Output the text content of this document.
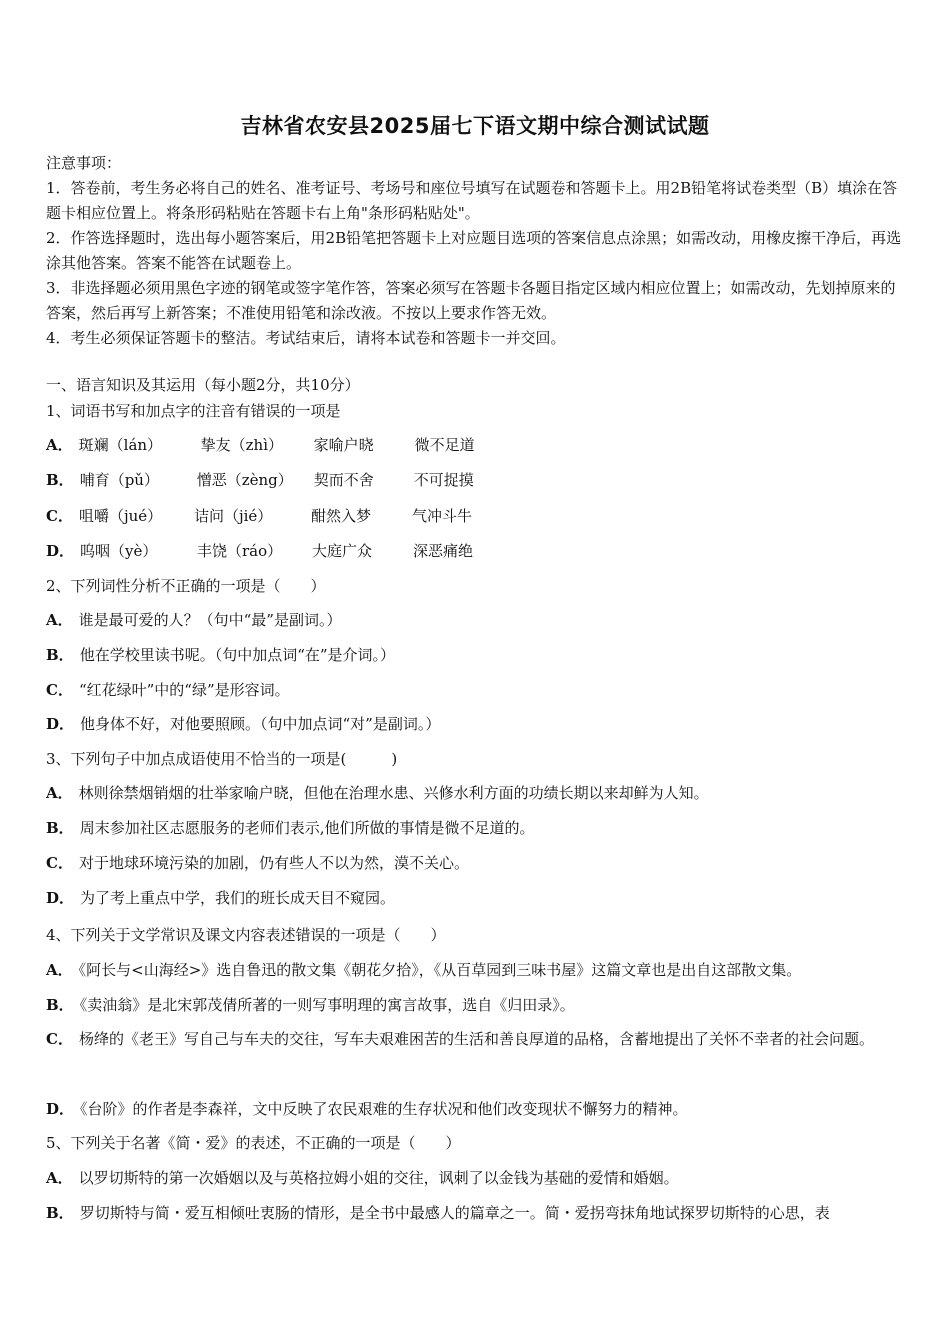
吉林省农安县2025届七下语文期中综合测试试题
注意事项：
1．答卷前，考生务必将自己的姓名、准考证号、考场号和座位号填写在试题卷和答题卡上。用2B铅笔将试卷类型（B）填涂在答题卡相应位置上。将条形码粘贴在答题卡右上角"条形码粘贴处"。
2．作答选择题时，选出每小题答案后，用2B铅笔把答题卡上对应题目选项的答案信息点涂黑；如需改动，用橡皮擦干净后，再选涂其他答案。答案不能答在试题卷上。
3．非选择题必须用黑色字迹的钢笔或签字笔作答，答案必须写在答题卡各题目指定区域内相应位置上；如需改动，先划掉原来的答案，然后再写上新答案；不准使用铅笔和涂改液。不按以上要求作答无效。
4．考生必须保证答题卡的整洁。考试结束后，请将本试卷和答题卡一并交回。
一、语言知识及其运用（每小题2分，共10分）
1、词语书写和加点字的注音有错误的一项是
A． 斑斓（lán）	挚友（zhì） 家喻户晓	微不足道
B． 哺育（pǔ）	憎恶（zèng） 契而不舍	不可捉摸
C． 咀嚼（jué） 诘问（jié）	酣然入梦	气冲斗牛
D． 呜咽（yè）	丰饶（ráo） 大庭广众	深恶痛绝
2、下列词性分析不正确的一项是（　　）
A． 谁是最可爱的人？（句中“最”是副词。）
B． 他在学校里读书呢。（句中加点词“在”是介词。）
C． “红花绿叶”中的“绿”是形容词。
D． 他身体不好，对他要照顾。（句中加点词“对”是副词。）
3、下列句子中加点成语使用不恰当的一项是(　　　)
A． 林则徐禁烟销烟的壮举家喻户晓，但他在治理水患、兴修水利方面的功绩长期以来却鲜为人知。
B． 周末参加社区志愿服务的老师们表示,他们所做的事情是微不足道的。
C． 对于地球环境污染的加剧，仍有些人不以为然，漠不关心。
D． 为了考上重点中学，我们的班长成天目不窥园。
4、下列关于文学常识及课文内容表述错误的一项是（　　）
A． 《阿长与<山海经>》选自鲁迅的散文集《朝花夕拾》，《从百草园到三味书屋》这篇文章也是出自这部散文集。
B． 《卖油翁》是北宋郭茂倩所著的一则写事明理的寓言故事，选自《归田录》。
C． 杨绛的《老王》写自己与车夫的交往，写车夫艰难困苦的生活和善良厚道的品格，含蓄地提出了关怀不幸者的社会问题。
D． 《台阶》的作者是李森祥，文中反映了农民艰难的生存状况和他们改变现状不懈努力的精神。
5、下列关于名著《简・爱》的表述，不正确的一项是（　　）
A． 以罗切斯特的第一次婚姻以及与英格拉姆小姐的交往，讽刺了以金钱为基础的爱情和婚姻。
B． 罗切斯特与简・爱互相倾吐衷肠的情形，是全书中最感人的篇章之一。简・爱拐弯抹角地试探罗切斯特的心思，表
